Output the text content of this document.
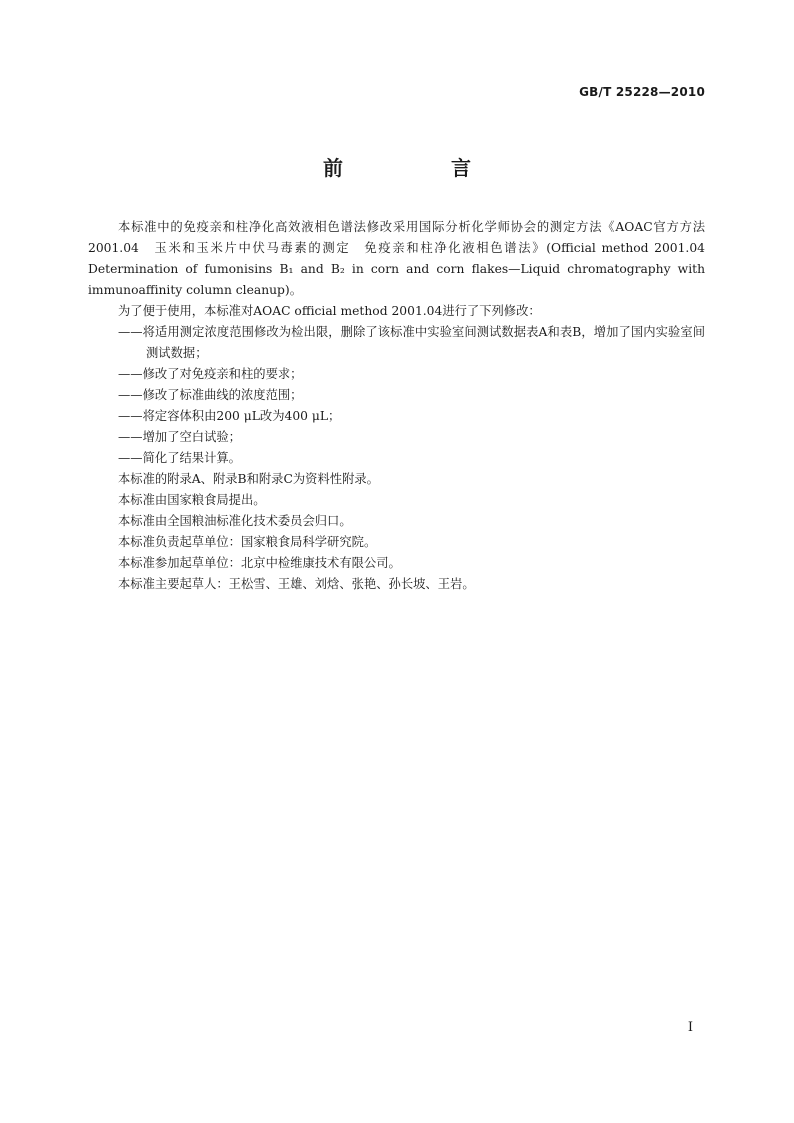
GB/T 25228—2010
前　言

本标准中的免疫亲和柱净化高效液相色谱法修改采用国际分析化学师协会的测定方法《AOAC官方方法2001.04　玉米和玉米片中伏马毒素的测定　免疫亲和柱净化液相色谱法》(Official method 2001.04 Determination of fumonisins B₁ and B₂ in corn and corn flakes—Liquid chromatography with immunoaffinity column cleanup)。

为了便于使用，本标准对AOAC official method 2001.04进行了下列修改：

——将适用测定浓度范围修改为检出限，删除了该标准中实验室间测试数据表A和表B，增加了国内实验室间测试数据；

——修改了对免疫亲和柱的要求；

——修改了标准曲线的浓度范围；

——将定容体积由200 μL改为400 μL；

——增加了空白试验；

——简化了结果计算。

本标准的附录A、附录B和附录C为资料性附录。

本标准由国家粮食局提出。

本标准由全国粮油标准化技术委员会归口。

本标准负责起草单位：国家粮食局科学研究院。

本标准参加起草单位：北京中检维康技术有限公司。

本标准主要起草人：王松雪、王雄、刘焓、张艳、孙长坡、王岩。

I
